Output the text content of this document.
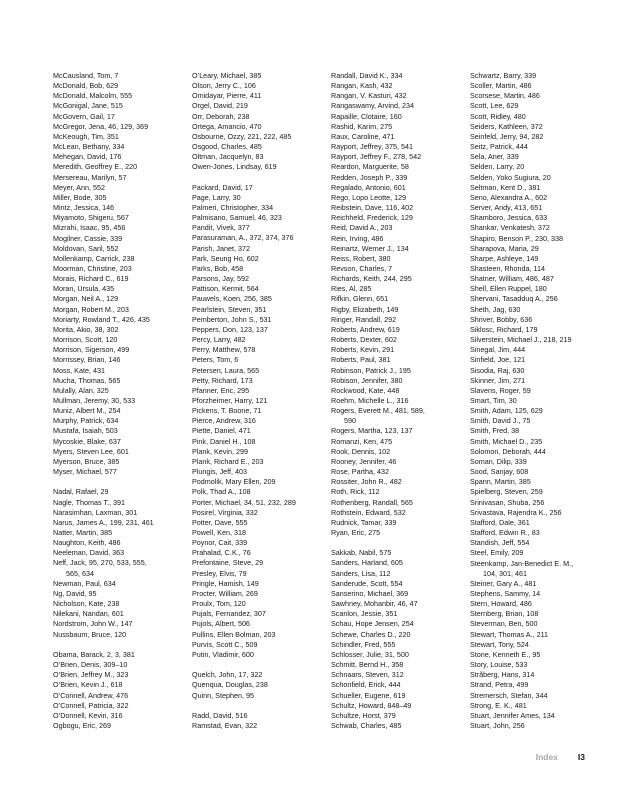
McCausland, Tom, 7
McDonald, Bob, 629
McDonald, Malcolm, 555
McGonigal, Jane, 515
McGovern, Gail, 17
McGregor, Jena, 46, 129, 369
McKeough, Tim, 351
McLean, Bethany, 334
Mehegan, David, 176
Meredith, Geoffrey E., 220
Mersereau, Marilyn, 57
Meyer, Ann, 552
Miller, Bode, 305
Mintz, Jessica, 146
Miyamoto, Shigeru, 567
Mizrahi, Isaac, 95, 456
Mogilner, Cassie, 339
Moldovan, Saril, 552
Mollenkamp, Carrick, 238
Moorman, Christine, 203
Morais, Richard C., 619
Moran, Ursula, 435
Morgan, Neil A., 129
Morgan, Robert M., 203
Moriarty, Rowland T., 426, 435
Morita, Akio, 38, 302
Morrison, Scott, 120
Morrison, Sigerson, 499
Morrissey, Brian, 146
Moss, Kate, 431
Mucha, Thomas, 565
Mulally, Alan, 325
Mullman, Jeremy, 30, 533
Muniz, Albert M., 254
Murphy, Patrick, 634
Mustafa, Isaiah, 503
Mycoskie, Blake, 637
Myers, Steven Lee, 601
Myerson, Bruce, 385
Myser, Michael, 577
Nadal, Rafael, 29
Nagle, Thomas T., 391
Narasimhan, Laxman, 301
Narus, James A., 199, 231, 461
Natter, Martin, 385
Naughton, Keith, 486
Neeleman, David, 363
Neff, Jack, 95, 270, 533, 555,
565, 634
Newman, Paul, 634
Ng, David, 95
Nicholson, Kate, 238
Nilekani, Nandan, 601
Nordstrom, John W., 147
Nussbaum, Bruce, 120
Obama, Barack, 2, 3, 381
O’Brien, Denis, 309–10
O’Brien, Jeffrey M., 323
O’Brien, Kevin J., 618
O’Connell, Andrew, 476
O’Connell, Patricia, 322
O’Donnell, Kevin, 316
Ogbogu, Eric, 269
O’Leary, Michael, 385
Olson, Jerry C., 106
Omidayar, Pierre, 411
Orgel, David, 219
Orr, Deborah, 238
Ortega, Amancio, 470
Osbourne, Ozzy, 221, 222, 485
Osgood, Charles, 485
Oltman, Jacquelyn, 83
Owen-Jones, Lindsay, 619
Packard, David, 17
Page, Larry, 30
Palmeri, Christopher, 334
Palmisano, Samuel, 46, 323
Pandit, Vivek, 377
Parasuraman, A., 372, 374, 376
Parish, Janet, 372
Park, Seung Ho, 602
Parks, Bob, 458
Parsons, Jay, 592
Pattison, Kermit, 564
Pauwels, Koen, 256, 385
Pearlstein, Steven, 351
Pemberton, John S., 531
Peppers, Don, 123, 137
Percy, Larry, 482
Perry, Matthew, 578
Peters, Tom, 6
Petersen, Laura, 565
Petty, Richard, 173
Pfanner, Eric, 295
Pforzheimer, Harry, 121
Pickens, T. Boone, 71
Pierce, Andrew, 316
Piette, Daniel, 471
Pink, Daniel H., 108
Plank, Kevin, 299
Plank, Richard E., 203
Plungis, Jeff, 403
Podmolik, Mary Ellen, 209
Polk, Thad A., 108
Porter, Michael, 34, 51, 232, 289
Posirel, Virginia, 332
Potter, Dave, 555
Powell, Ken, 318
Poynor, Cait, 339
Prahalad, C.K., 76
Prefontaine, Steve, 29
Presley, Elvis, 79
Pringle, Hamish, 149
Procter, William, 269
Proulx, Tom, 120
Pujals, Fernandez, 307
Pujols, Albert, 506
Pullins, Ellen Bolman, 203
Purvis, Scott C., 509
Putin, Vladimir, 600
Quelch, John, 17, 322
Quenqua, Douglas, 238
Quinn, Stephen, 95
Radd, David, 516
Ramstad, Evan, 322
Randall, David K., 334
Rangan, Kash, 432
Rangan, V. Kasturi, 432
Rangaswamy, Arvind, 234
Rapaille, Clotaire, 160
Rashid, Karim, 275
Raux, Caroline, 471
Rayport, Jeffrey, 375, 541
Rayport, Jeffrey F., 278, 542
Reardon, Marguerite, 58
Redden, Joseph P., 339
Regalado, Antonio, 601
Rego, Lopo Leotte, 129
Reibstein, Dave, 116, 402
Reichheld, Frederick, 129
Reid, David A., 203
Rein, Irving, 486
Reinartz, Werner J., 134
Reiss, Robert, 380
Revson, Charles, 7
Richards, Keith, 244, 295
Ries, Al, 285
Rifkin, Glenn, 651
Rigby, Elizabeth, 149
Ringer, Randall, 292
Roberts, Andrew, 619
Roberts, Dexter, 602
Roberts, Kevin, 291
Roberts, Paul, 381
Robinson, Patrick J., 195
Robison, Jennifer, 380
Rockwood, Kate, 448
Roehm, Michelle L., 316
Rogers, Everett M., 481, 589,
590
Rogers, Martha, 123, 137
Romanzi, Ken, 475
Rook, Dennis, 102
Rooney, Jennifer, 46
Rose, Partha, 432
Rossiter, John R., 482
Roth, Rick, 112
Rothenberg, Randall, 565
Rothstein, Edward, 532
Rudnick, Tamar, 339
Ryan, Eric, 275
Sakkab, Nabil, 575
Sanders, Harland, 605
Sanders, Lisa, 112
Sanderude, Scott, 554
Sanserino, Michael, 369
Sawhney, Mohanbir, 46, 47
Scanlon, Jessie, 351
Schau, Hope Jensen, 254
Schewe, Charles D., 220
Schindler, Fred, 555
Schlosser, Julie, 31, 500
Schmitt, Bernd H., 358
Schnaars, Steven, 312
Schonfield, Erick, 444
Schueller, Eugene, 619
Schultz, Howard, 848–49
Schultze, Horst, 379
Schwab, Charles, 485
Schwartz, Barry, 339
Scoller, Martin, 486
Scorsese, Martin, 486
Scott, Lee, 629
Scott, Ridley, 480
Seiders, Kathleen, 372
Seinfeld, Jerry, 94, 282
Seitz, Patrick, 444
Sela, Aner, 339
Selden, Larry, 20
Selden, Yoko Sugiura, 20
Seltman, Kent D., 381
Seno, Alexandra A., 602
Server, Andy, 413, 651
Shamboro, Jessica, 633
Shankar, Venkatesh, 372
Shapiro, Benson P., 230, 338
Sharapova, Maria, 29
Sharpe, Ashleye, 149
Shasteen, Rhonda, 114
Shatner, William, 486, 487
Shell, Ellen Ruppel, 180
Shervani, Tasadduq A., 256
Sheth, Jag, 630
Shriver, Bobby, 636
Siklosc, Richard, 179
Silverstein, Michael J., 218, 219
Sinegal, Jim, 444
Sinfield, Joe, 121
Sisodia, Raj, 630
Skinner, Jim, 271
Slavens, Roger, 59
Smart, Tim, 30
Smith, Adam, 125, 629
Smith, David J., 75
Smith, Fred, 38
Smith, Michael D., 235
Solomon, Deborah, 444
Soman, Dilip, 339
Sood, Sanjay, 608
Spann, Martin, 385
Spielberg, Steven, 259
Srinivasan, Shuba, 256
Srivastava, Rajendra K., 256
Stafford, Dale, 361
Stafford, Edwin R., 83
Standish, Jeff, 554
Steel, Emily, 209
Steenkamp, Jan-Benedict E. M.,
104, 301, 461
Steiner, Gary A., 481
Stephens, Sammy, 14
Stern, Howard, 486
Sternberg, Brian, 108
Steverman, Ben, 500
Stewart, Thomas A., 211
Stewart, Tony, 524
Stone, Kenneth E., 95
Story, Louise, 533
Strãberg, Hans, 314
Strand, Petra, 499
Stremersch, Stefan, 344
Strong, E. K., 481
Stuart, Jennifer Ames, 134
Stuart, John, 256
Index I3
